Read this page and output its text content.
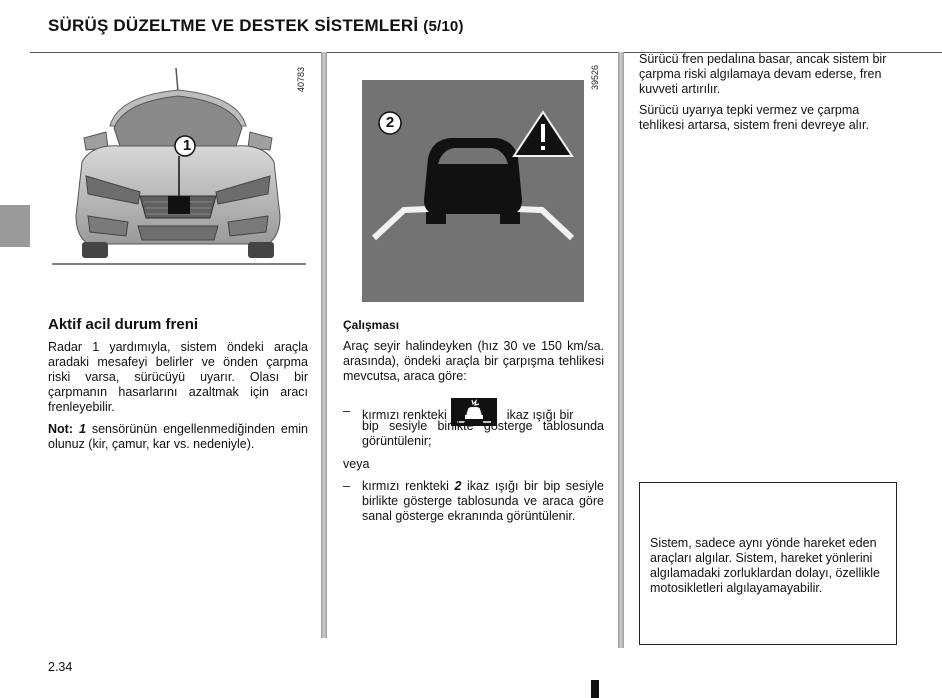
SÜRÜŞ DÜZELTME VE DESTEK SİSTEMLERİ (5/10)
1
40783
Aktif acil durum freni
Radar 1 yardımıyla, sistem öndeki araçla aradaki mesafeyi belirler ve önden çarpma riski varsa, sürücüyü uyarır. Olası bir çarpmanın hasarlarını azaltmak için aracı frenleyebilir.
Not: 1 sensörünün engellenmediğinden emin olunuz (kir, çamur, kar vs. nedeniyle).
2
39526
Çalışması
Araç seyir halindeyken (hız 30 ve 150 km/sa. arasında), öndeki araçla bir çarpışma tehlikesi mevcutsa, araca göre:
– kırmızı renkteki	ikaz ışığı bir
bip sesiyle birlikte gösterge tablosunda görüntülenir;
veya
– kırmızı renkteki 2 ikaz ışığı bir bip sesiyle birlikte gösterge tablosunda ve araca göre sanal gösterge ekranında görüntülenir.
Sürücü fren pedalına basar, ancak sistem bir çarpma riski algılamaya devam ederse, fren kuvveti artırılır.
Sürücü uyarıya tepki vermez ve çarpma tehlikesi artarsa, sistem freni devreye alır.
Sistem, sadece aynı yönde hareket eden araçları algılar. Sistem, hareket yönlerini algılamadaki zorluklardan dolayı, özellikle motosikletleri algılayamayabilir.
2.34
